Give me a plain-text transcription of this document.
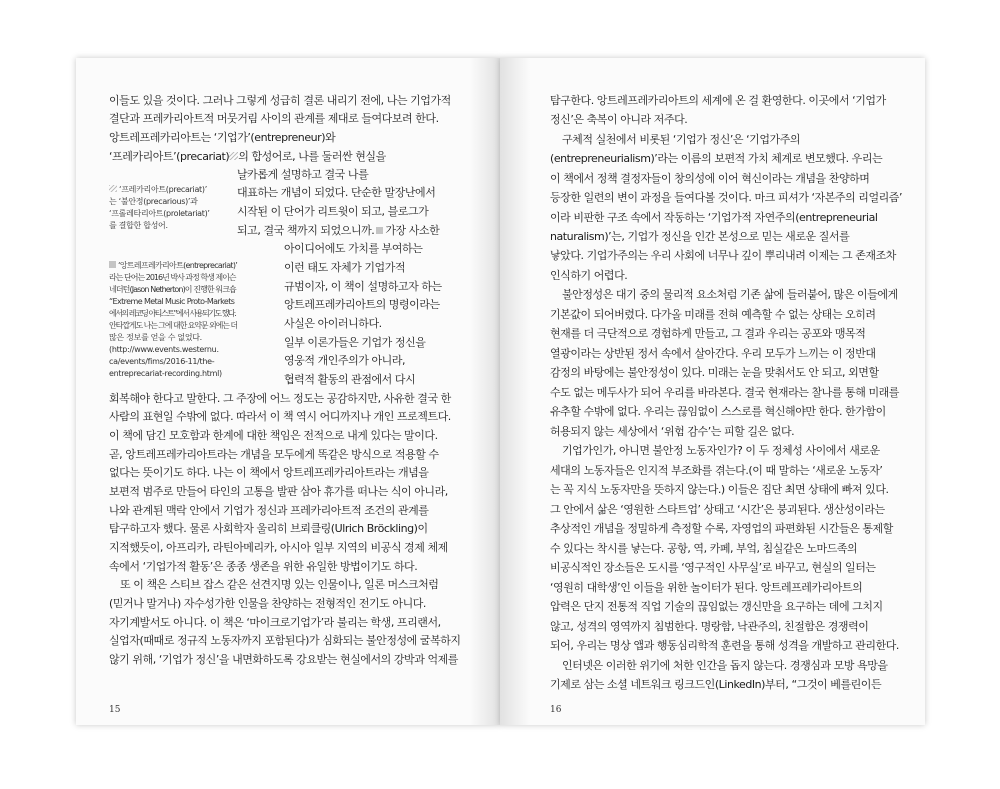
이들도 있을 것이다. 그러나 그렇게 성급히 결론 내리기 전에, 나는 기업가적

결단과 프레카리아트적 머뭇거림 사이의 관계를 제대로 들여다보려 한다.

앙트레프레카리아트는 ‘기업가’(entrepreneur)와

‘프레카리아트’(precariat) 의 합성어로, 나를 둘러싼 현실을

날카롭게 설명하고 결국 나를

대표하는 개념이 되었다. 단순한 말장난에서

시작된 이 단어가 리트윗이 되고, 블로그가

되고, 결국 책까지 되었으니까. 가장 사소한

아이디어에도 가치를 부여하는

이런 태도 자체가 기업가적

규범이자, 이 책이 설명하고자 하는

앙트레프레카리아트의 명령이라는

사실은 아이러니하다.

일부 이론가들은 기업가 정신을

영웅적 개인주의가 아니라,

협력적 활동의 관점에서 다시

회복해야 한다고 말한다. 그 주장에 어느 정도는 공감하지만, 사유한 결국 한

사람의 표현일 수밖에 없다. 따라서 이 책 역시 어디까지나 개인 프로젝트다.

이 책에 담긴 모호함과 한계에 대한 책임은 전적으로 내게 있다는 말이다.

곧, 앙트레프레카리아트라는 개념을 모두에게 똑같은 방식으로 적용할 수

없다는 뜻이기도 하다. 나는 이 책에서 앙트레프레카리아트라는 개념을

보편적 범주로 만들어 타인의 고통을 발판 삼아 휴가를 떠나는 식이 아니라,

나와 관계된 맥락 안에서 기업가 정신과 프레카리아트적 조건의 관계를

탐구하고자 했다. 물론 사회학자 울리히 브뢰클링(Ulrich Bröckling)이

지적했듯이, 아프리카, 라틴아메리카, 아시아 일부 지역의 비공식 경제 체제

속에서 ‘기업가적 활동’은 종종 생존을 위한 유일한 방법이기도 하다.

또 이 책은 스티브 잡스 같은 선견지명 있는 인물이나, 일론 머스크처럼

(믿거나 말거나) 자수성가한 인물을 찬양하는 전형적인 전기도 아니다.

자기계발서도 아니다. 이 책은 ‘마이크로기업가’라 불리는 학생, 프리랜서,

실업자(때때로 정규직 노동자까지 포함된다)가 심화되는 불안정성에 굴복하지

않기 위해, ‘기업가 정신’을 내면화하도록 강요받는 현실에서의 강박과 억제를

‘프레카리아트(precariat)’

는 ‘불안정(precarious)’과

‘프롤레타리아트(proletariat)’

를 결합한 합성어.

‘앙트레프레카리아트(entreprecariat)’

라는 단어는 2016년 박사 과정 학생 제이슨

네더턴(Jason Netherton)이 진행한 워크숍

“Extreme Metal Music Proto-Markets

에서의 레코딩 아티스트”에서 사용되기도 했다.

안타깝게도 나는 그에 대한 요약문 외에는 더

많은 정보를 얻을 수 없었다.

(http://www.events.westernu.

ca/events/fims/2016-11/the-

entreprecariat-recording.html)

15

탐구한다. 앙트레프레카리아트의 세계에 온 걸 환영한다. 이곳에서 ‘기업가

정신’은 축복이 아니라 저주다.

구체적 실천에서 비롯된 ‘기업가 정신’은 ‘기업가주의

(entrepreneurialism)’라는 이름의 보편적 가치 체계로 변모했다. 우리는

이 책에서 정책 결정자들이 창의성에 이어 혁신이라는 개념을 찬양하며

등장한 일련의 변이 과정을 들여다볼 것이다. 마크 피셔가 ‘자본주의 리얼리즘’

이라 비판한 구조 속에서 작동하는 ‘기업가적 자연주의(entrepreneurial

naturalism)’는, 기업가 정신을 인간 본성으로 믿는 새로운 질서를

낳았다. 기업가주의는 우리 사회에 너무나 깊이 뿌리내려 이제는 그 존재조차

인식하기 어렵다.

불안정성은 대기 중의 물리적 요소처럼 기존 삶에 들러붙어, 많은 이들에게

기본값이 되어버렸다. 다가올 미래를 전혀 예측할 수 없는 상태는 오히려

현재를 더 극단적으로 경험하게 만들고, 그 결과 우리는 공포와 맹목적

열광이라는 상반된 정서 속에서 살아간다. 우리 모두가 느끼는 이 정반대

감정의 바탕에는 불안정성이 있다. 미래는 눈을 맞춰서도 안 되고, 외면할

수도 없는 메두사가 되어 우리를 바라본다. 결국 현재라는 찰나를 통해 미래를

유추할 수밖에 없다. 우리는 끊임없이 스스로를 혁신해야만 한다. 한가함이

허용되지 않는 세상에서 ‘위험 감수’는 피할 길은 없다.

기업가인가, 아니면 불안정 노동자인가? 이 두 정체성 사이에서 새로운

세대의 노동자들은 인지적 부조화를 겪는다.(이 때 말하는 ‘새로운 노동자’

는 꼭 지식 노동자만을 뜻하지 않는다.) 이들은 집단 최면 상태에 빠져 있다.

그 안에서 삶은 ‘영원한 스타트업’ 상태고 ‘시간’은 붕괴된다. 생산성이라는

추상적인 개념을 정밀하게 측정할 수록, 자영업의 파편화된 시간들은 통제할

수 있다는 착시를 낳는다. 공항, 역, 카페, 부엌, 침실같은 노마드족의

비공식적인 장소들은 도시를 ‘영구적인 사무실’로 바꾸고, 현실의 일터는

‘영원히 대학생’인 이들을 위한 놀이터가 된다. 앙트레프레카리아트의

압력은 단지 전통적 직업 기술의 끊임없는 갱신만을 요구하는 데에 그치지

않고, 성격의 영역까지 침범한다. 명랑함, 낙관주의, 친절함은 경쟁력이

되어, 우리는 명상 앱과 행동심리학적 훈련을 통해 성격을 개발하고 관리한다.

인터넷은 이러한 위기에 처한 인간을 돕지 않는다. 경쟁심과 모방 욕망을

기제로 삼는 소셜 네트워크 링크드인(LinkedIn)부터, “그것이 베를린이든

16
